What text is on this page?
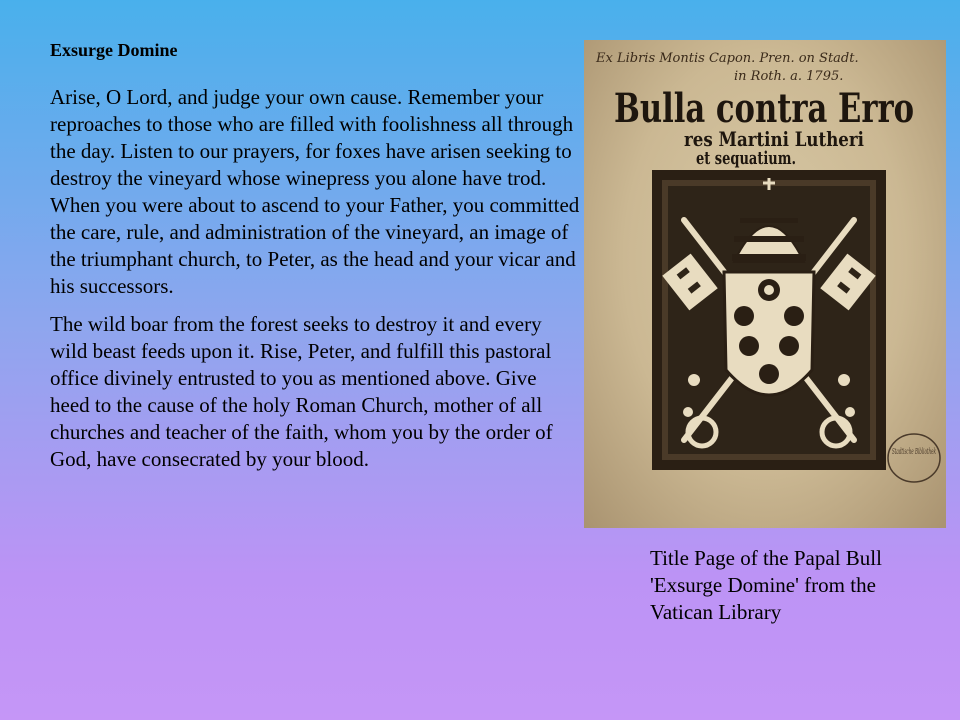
Exsurge Domine

Arise, O Lord, and judge your own cause. Remember your reproaches to those who are filled with foolishness all through the day. Listen to our prayers, for foxes have arisen seeking to destroy the vineyard whose winepress you alone have trod. When you were about to ascend to your Father, you committed the care, rule, and administration of the vineyard, an image of the triumphant church, to Peter, as the head and your vicar and his successors.

The wild boar from the forest seeks to destroy it and every wild beast feeds upon it. Rise, Peter, and fulfill this pastoral office divinely entrusted to you as mentioned above. Give heed to the cause of the holy Roman Church, mother of all churches and teacher of the faith, whom you by the order of God, have consecrated by your blood.

Ex Libris Montis Capon. Pren. on Stadt.
in Roth. a. 1795.
Bulla contra Erro
res Martini Lutheri
et sequatium.
Stadtische Bibliothek
Title Page of the Papal Bull 'Exsurge Domine' from the Vatican Library
